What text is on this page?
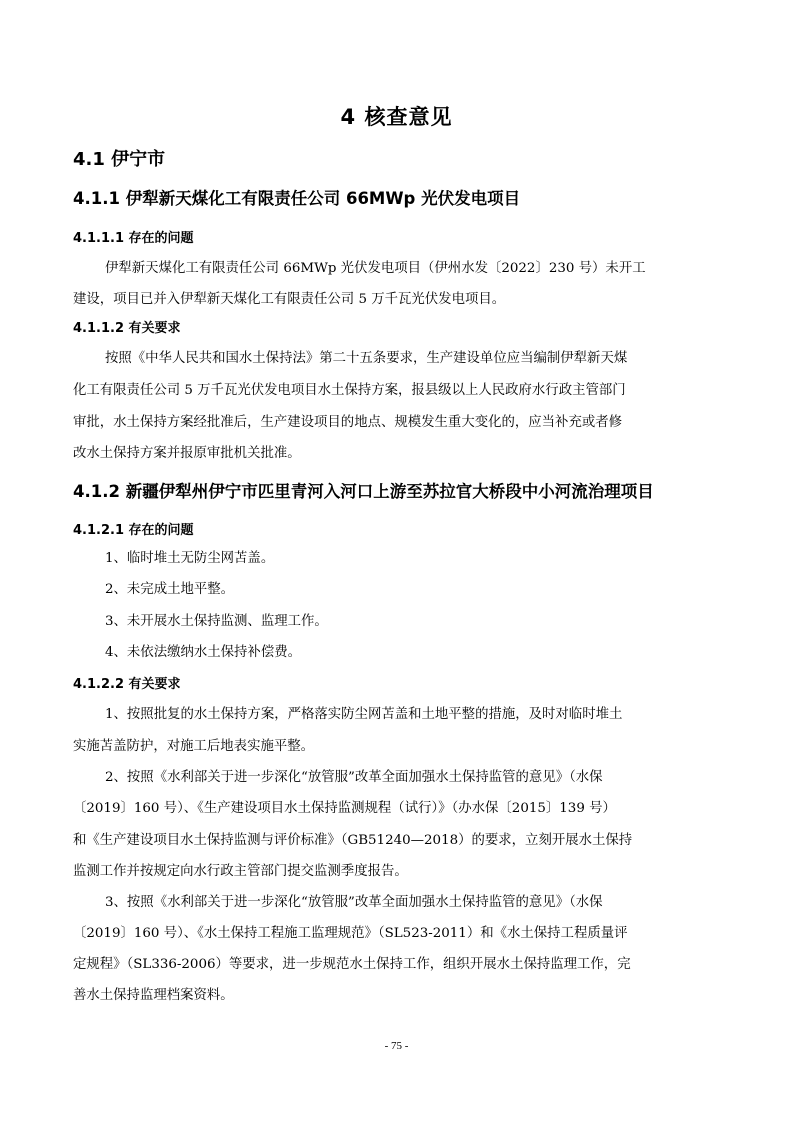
4 核查意见
4.1 伊宁市
4.1.1 伊犁新天煤化工有限责任公司 66MWp 光伏发电项目
4.1.1.1 存在的问题
伊犁新天煤化工有限责任公司 66MWp 光伏发电项目（伊州水发〔2022〕230 号）未开工
建设，项目已并入伊犁新天煤化工有限责任公司 5 万千瓦光伏发电项目。
4.1.1.2 有关要求
按照《中华人民共和国水土保持法》第二十五条要求，生产建设单位应当编制伊犁新天煤
化工有限责任公司 5 万千瓦光伏发电项目水土保持方案，报县级以上人民政府水行政主管部门
审批，水土保持方案经批准后，生产建设项目的地点、规模发生重大变化的，应当补充或者修
改水土保持方案并报原审批机关批准。
4.1.2 新疆伊犁州伊宁市匹里青河入河口上游至苏拉官大桥段中小河流治理项目
4.1.2.1 存在的问题
1、临时堆土无防尘网苫盖。
2、未完成土地平整。
3、未开展水土保持监测、监理工作。
4、未依法缴纳水土保持补偿费。
4.1.2.2 有关要求
1、按照批复的水土保持方案，严格落实防尘网苫盖和土地平整的措施，及时对临时堆土
实施苫盖防护，对施工后地表实施平整。
2、按照《水利部关于进一步深化“放管服”改革全面加强水土保持监管的意见》（水保
〔2019〕160 号）、《生产建设项目水土保持监测规程（试行）》（办水保〔2015〕139 号）
和《生产建设项目水土保持监测与评价标准》（GB51240—2018）的要求，立刻开展水土保持
监测工作并按规定向水行政主管部门提交监测季度报告。
3、按照《水利部关于进一步深化“放管服”改革全面加强水土保持监管的意见》（水保
〔2019〕160 号）、《水土保持工程施工监理规范》（SL523-2011）和《水土保持工程质量评
定规程》（SL336-2006）等要求，进一步规范水土保持工作，组织开展水土保持监理工作，完
善水土保持监理档案资料。
- 75 -
